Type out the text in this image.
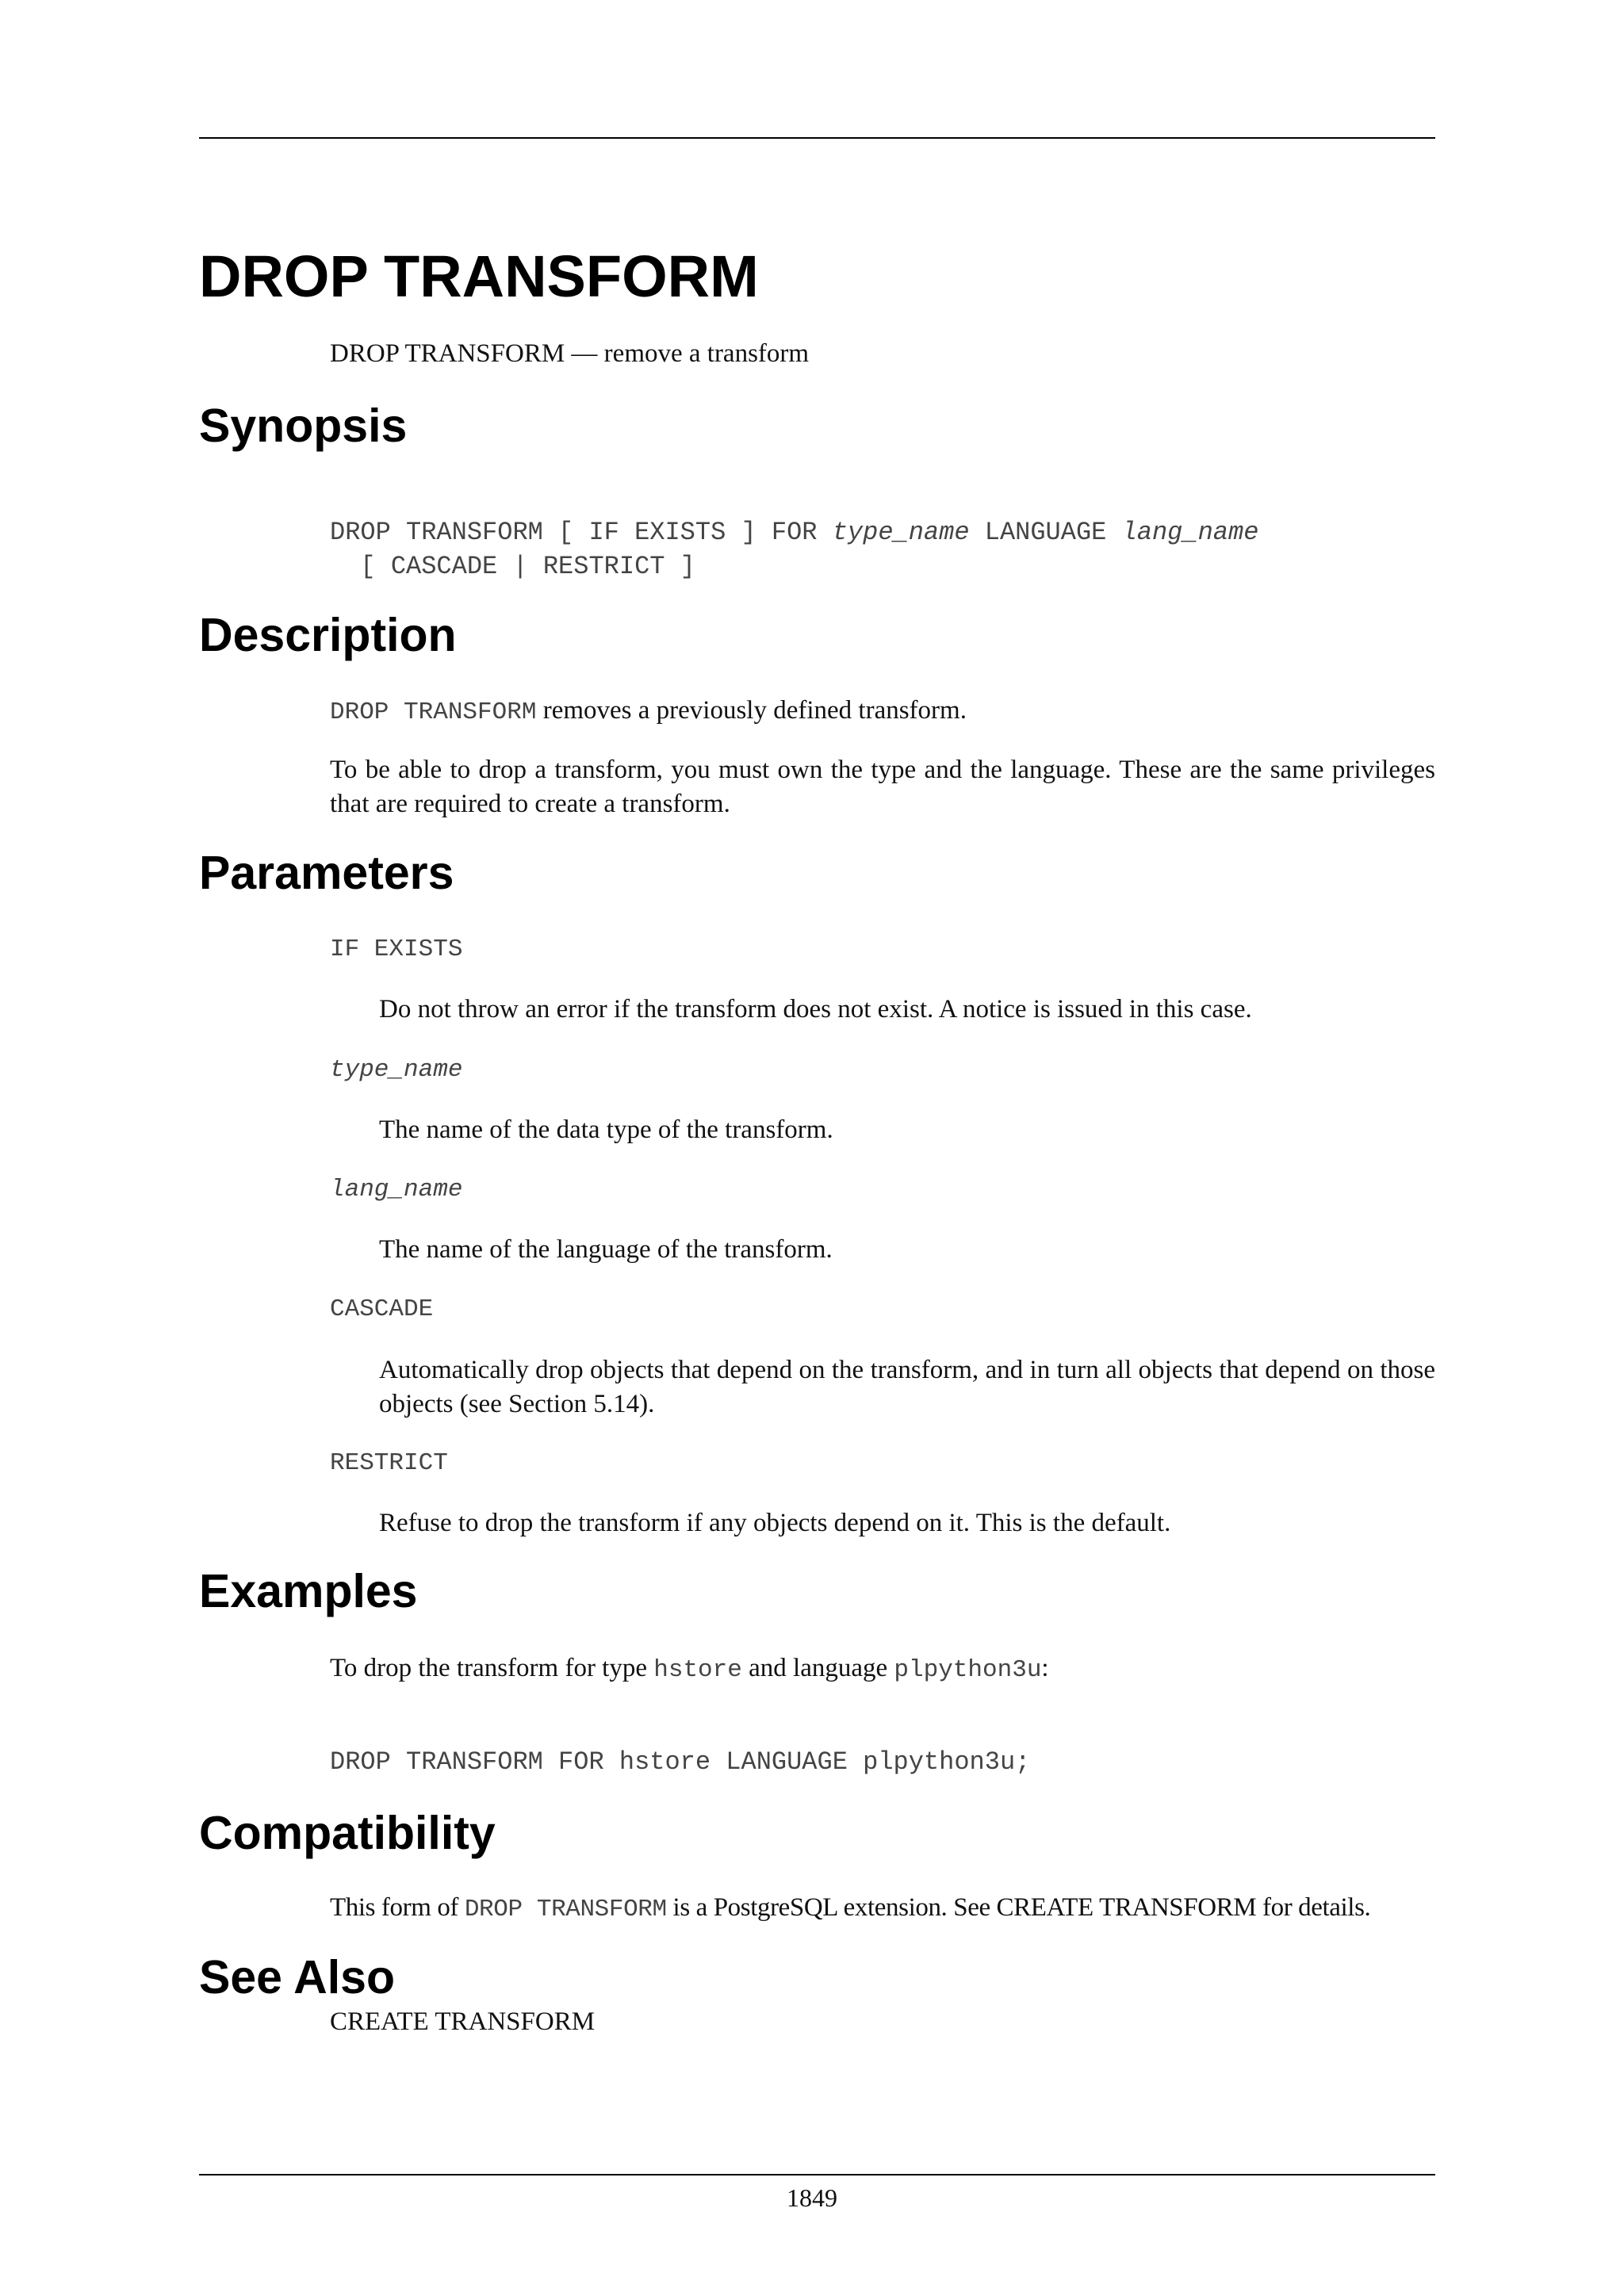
DROP TRANSFORM
DROP TRANSFORM — remove a transform
Synopsis
DROP TRANSFORM [ IF EXISTS ] FOR type_name LANGUAGE lang_name
[ CASCADE | RESTRICT ]
Description

DROP TRANSFORM removes a previously defined transform.

To be able to drop a transform, you must own the type and the language. These are the same privileges that are required to create a transform.

Parameters
IF EXISTS

Do not throw an error if the transform does not exist. A notice is issued in this case.

type_name

The name of the data type of the transform.

lang_name

The name of the language of the transform.

CASCADE

Automatically drop objects that depend on the transform, and in turn all objects that depend on those objects (see Section 5.14).

RESTRICT

Refuse to drop the transform if any objects depend on it. This is the default.

Examples

To drop the transform for type hstore and language plpython3u:

DROP TRANSFORM FOR hstore LANGUAGE plpython3u;
Compatibility

This form of DROP TRANSFORM is a PostgreSQL extension. See CREATE TRANSFORM for details.

See Also

CREATE TRANSFORM

1849
